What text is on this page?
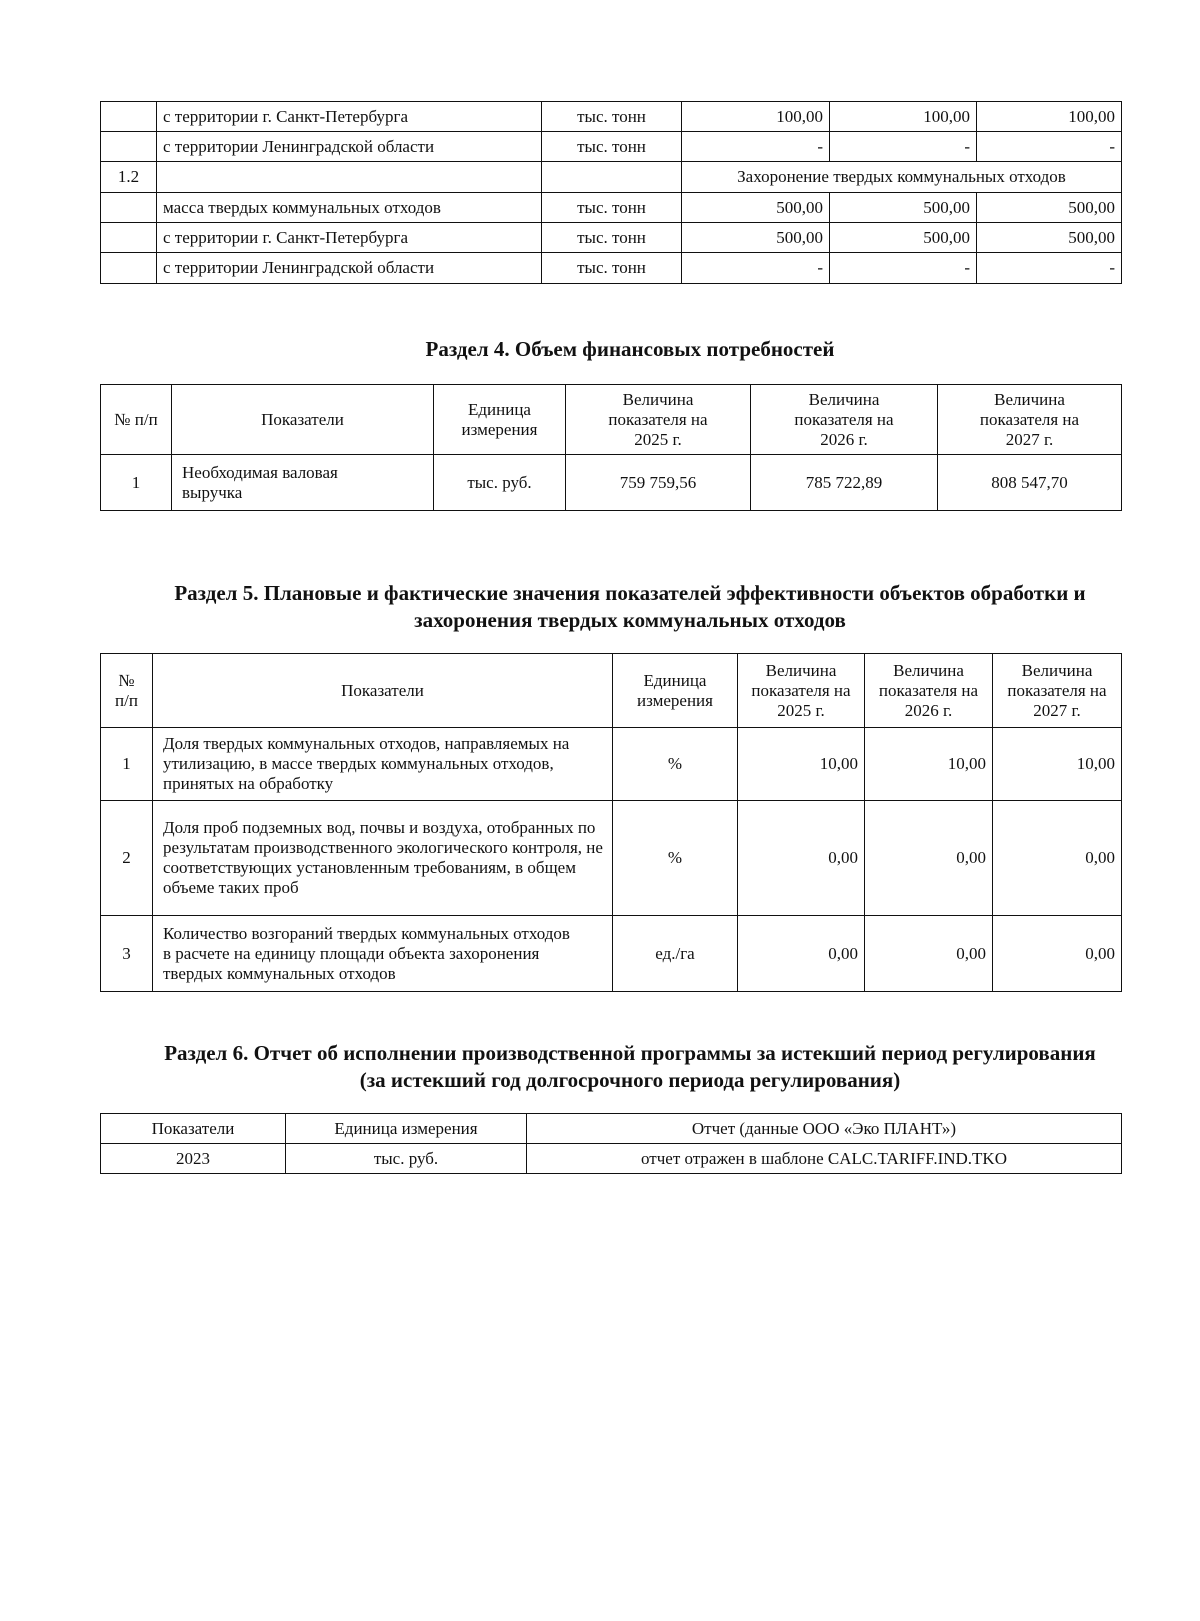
	с территории г. Санкт-Петербурга	тыс. тонн	100,00	100,00	100,00
	с территории Ленинградской области	тыс. тонн	-	-	-
1.2			Захоронение твердых коммунальных отходов		
	масса твердых коммунальных отходов	тыс. тонн	500,00	500,00	500,00
	с территории г. Санкт-Петербурга	тыс. тонн	500,00	500,00	500,00
	с территории Ленинградской области	тыс. тонн	-	-	-
Раздел 4. Объем финансовых потребностей
№ п/п	Показатели	Единица измерения	Величина показателя на 2025 г.	Величина показателя на 2026 г.	Величина показателя на 2027 г.
1	Необходимая валовая выручка	тыс. руб.	759 759,56	785 722,89	808 547,70
Раздел 5. Плановые и фактические значения показателей эффективности объектов обработки и захоронения твердых коммунальных отходов
№ п/п	Показатели	Единица измерения	Величина показателя на 2025 г.	Величина показателя на 2026 г.	Величина показателя на 2027 г.
1	Доля твердых коммунальных отходов, направляемых на утилизацию, в массе твердых коммунальных отходов, принятых на обработку	%	10,00	10,00	10,00
2	Доля проб подземных вод, почвы и воздуха, отобранных по результатам производственного экологического контроля, не соответствующих установленным требованиям, в общем объеме таких проб	%	0,00	0,00	0,00
3	Количество возгораний твердых коммунальных отходов в расчете на единицу площади объекта захоронения твердых коммунальных отходов	ед./га	0,00	0,00	0,00
Раздел 6. Отчет об исполнении производственной программы за истекший период регулирования (за истекший год долгосрочного периода регулирования)
Показатели	Единица измерения	Отчет (данные ООО «Эко ПЛАНТ»)
2023	тыс. руб.	отчет отражен в шаблоне CALC.TARIFF.IND.TKO
